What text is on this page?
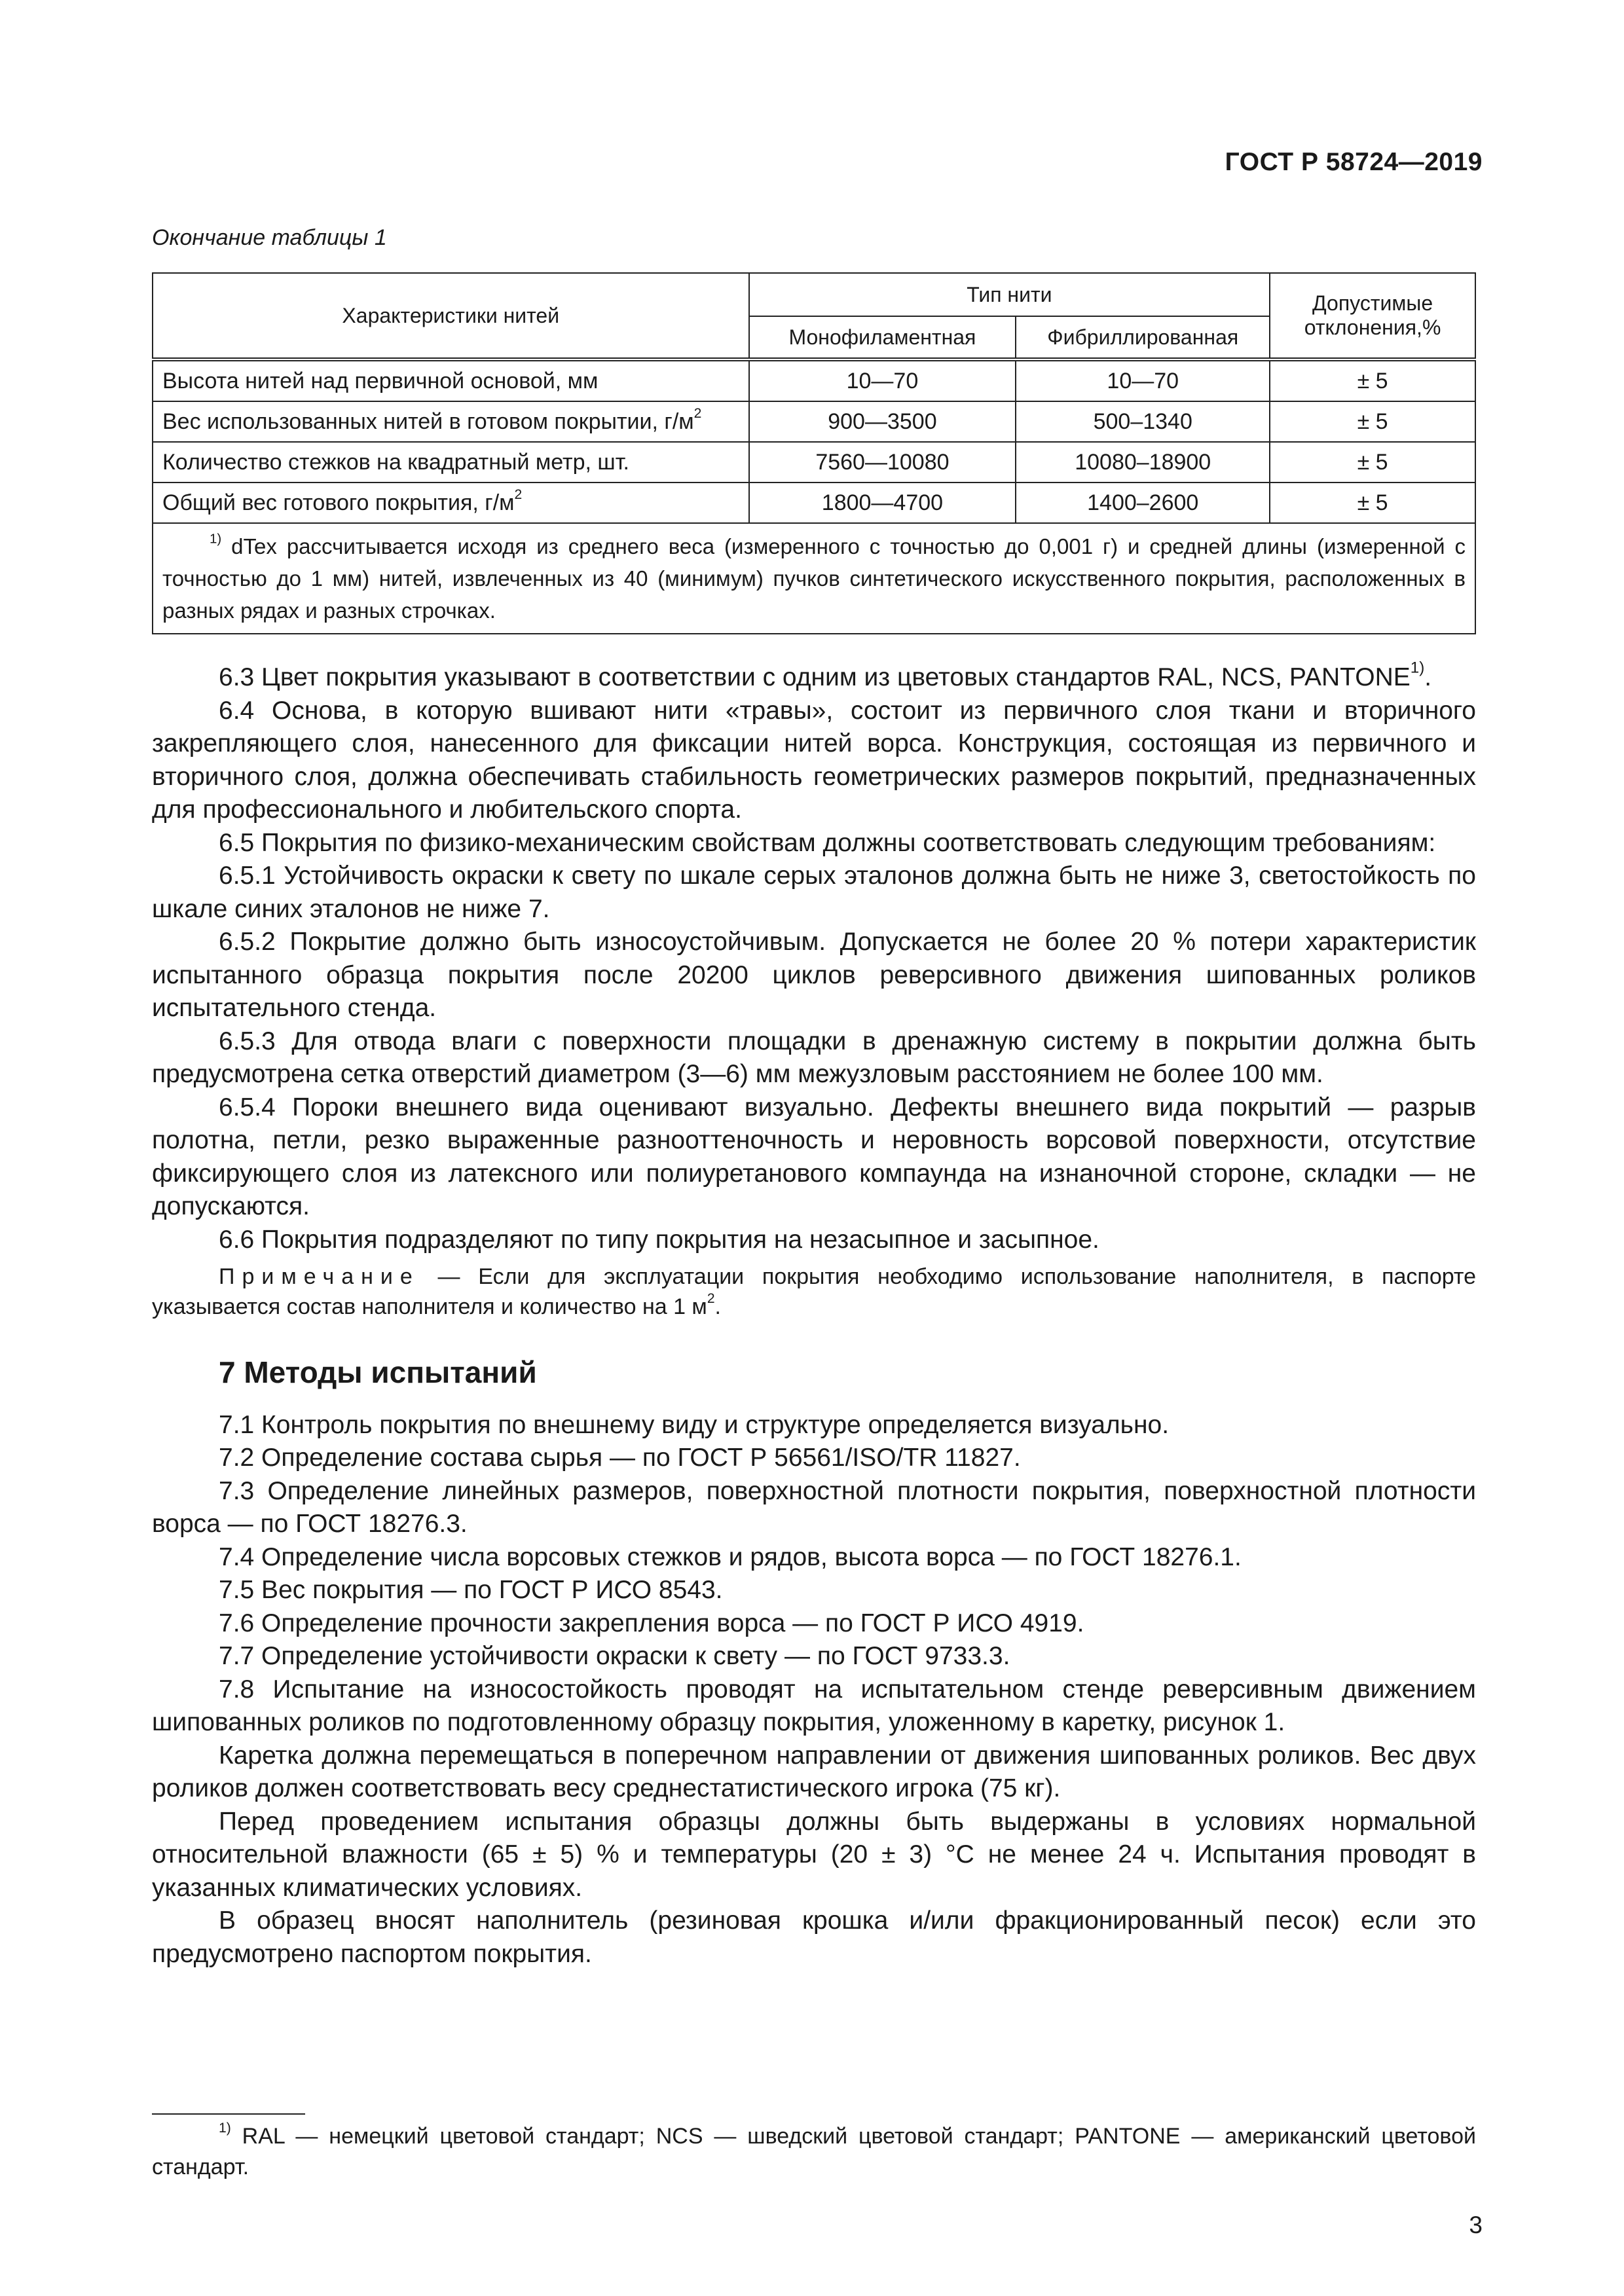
ГОСТ Р 58724—2019
Окончание таблицы 1
Характеристики нитей	Тип нити		Допустимые отклонения,%
	Монофиламентная	Фибриллированная	
Высота нитей над первичной основой, мм	10—70	10—70	± 5
Вес использованных нитей в готовом покрытии, $г/м^2$	900—3500	500–1340	± 5
Количество стежков на квадратный метр, шт.	7560—10080	10080–18900	± 5
Общий вес готового покрытия, $г/м^2$	1800—4700	1400–2600	± 5
$^{1)}$ dTex рассчитывается исходя из среднего веса (измеренного с точностью до 0,001 г) и средней длины (измеренной с точностью до 1 мм) нитей, извлеченных из 40 (минимум) пучков синтетического искусственного покрытия, расположенных в разных рядах и разных строчках.			

6.3 Цвет покрытия указывают в соответствии с одним из цветовых стандартов RAL, NCS, PANTONE$^{1)}$.

6.4 Основа, в которую вшивают нити «травы», состоит из первичного слоя ткани и вторичного закрепляющего слоя, нанесенного для фиксации нитей ворса. Конструкция, состоящая из первичного и вторичного слоя, должна обеспечивать стабильность геометрических размеров покрытий, предназначенных для профессионального и любительского спорта.

6.5 Покрытия по физико-механическим свойствам должны соответствовать следующим требованиям:

6.5.1 Устойчивость окраски к свету по шкале серых эталонов должна быть не ниже 3, светостойкость по шкале синих эталонов не ниже 7.

6.5.2 Покрытие должно быть износоустойчивым. Допускается не более 20 % потери характеристик испытанного образца покрытия после 20200 циклов реверсивного движения шипованных роликов испытательного стенда.

6.5.3 Для отвода влаги с поверхности площадки в дренажную систему в покрытии должна быть предусмотрена сетка отверстий диаметром (3—6) мм межузловым расстоянием не более 100 мм.

6.5.4 Пороки внешнего вида оценивают визуально. Дефекты внешнего вида покрытий — разрыв полотна, петли, резко выраженные разнооттеночность и неровность ворсовой поверхности, отсутствие фиксирующего слоя из латексного или полиуретанового компаунда на изнаночной стороне, складки — не допускаются.

6.6 Покрытия подразделяют по типу покрытия на незасыпное и засыпное.

Примечание — Если для эксплуатации покрытия необходимо использование наполнителя, в паспорте указывается состав наполнителя и количество на 1 $м^2$.

7 Методы испытаний

7.1 Контроль покрытия по внешнему виду и структуре определяется визуально.

7.2 Определение состава сырья — по ГОСТ Р 56561/ISO/TR 11827.

7.3 Определение линейных размеров, поверхностной плотности покрытия, поверхностной плотности ворса — по ГОСТ 18276.3.

7.4 Определение числа ворсовых стежков и рядов, высота ворса — по ГОСТ 18276.1.

7.5 Вес покрытия — по ГОСТ Р ИСО 8543.

7.6 Определение прочности закрепления ворса — по ГОСТ Р ИСО 4919.

7.7 Определение устойчивости окраски к свету — по ГОСТ 9733.3.

7.8 Испытание на износостойкость проводят на испытательном стенде реверсивным движением шипованных роликов по подготовленному образцу покрытия, уложенному в каретку, рисунок 1.

Каретка должна перемещаться в поперечном направлении от движения шипованных роликов. Вес двух роликов должен соответствовать весу среднестатистического игрока (75 кг).

Перед проведением испытания образцы должны быть выдержаны в условиях нормальной относительной влажности (65 ± 5) % и температуры (20 ± 3) °С не менее 24 ч. Испытания проводят в указанных климатических условиях.

В образец вносят наполнитель (резиновая крошка и/или фракционированный песок) если это предусмотрено паспортом покрытия.

$^{1)}$ RAL — немецкий цветовой стандарт; NCS — шведский цветовой стандарт; PANTONE — американский цветовой стандарт.

3
